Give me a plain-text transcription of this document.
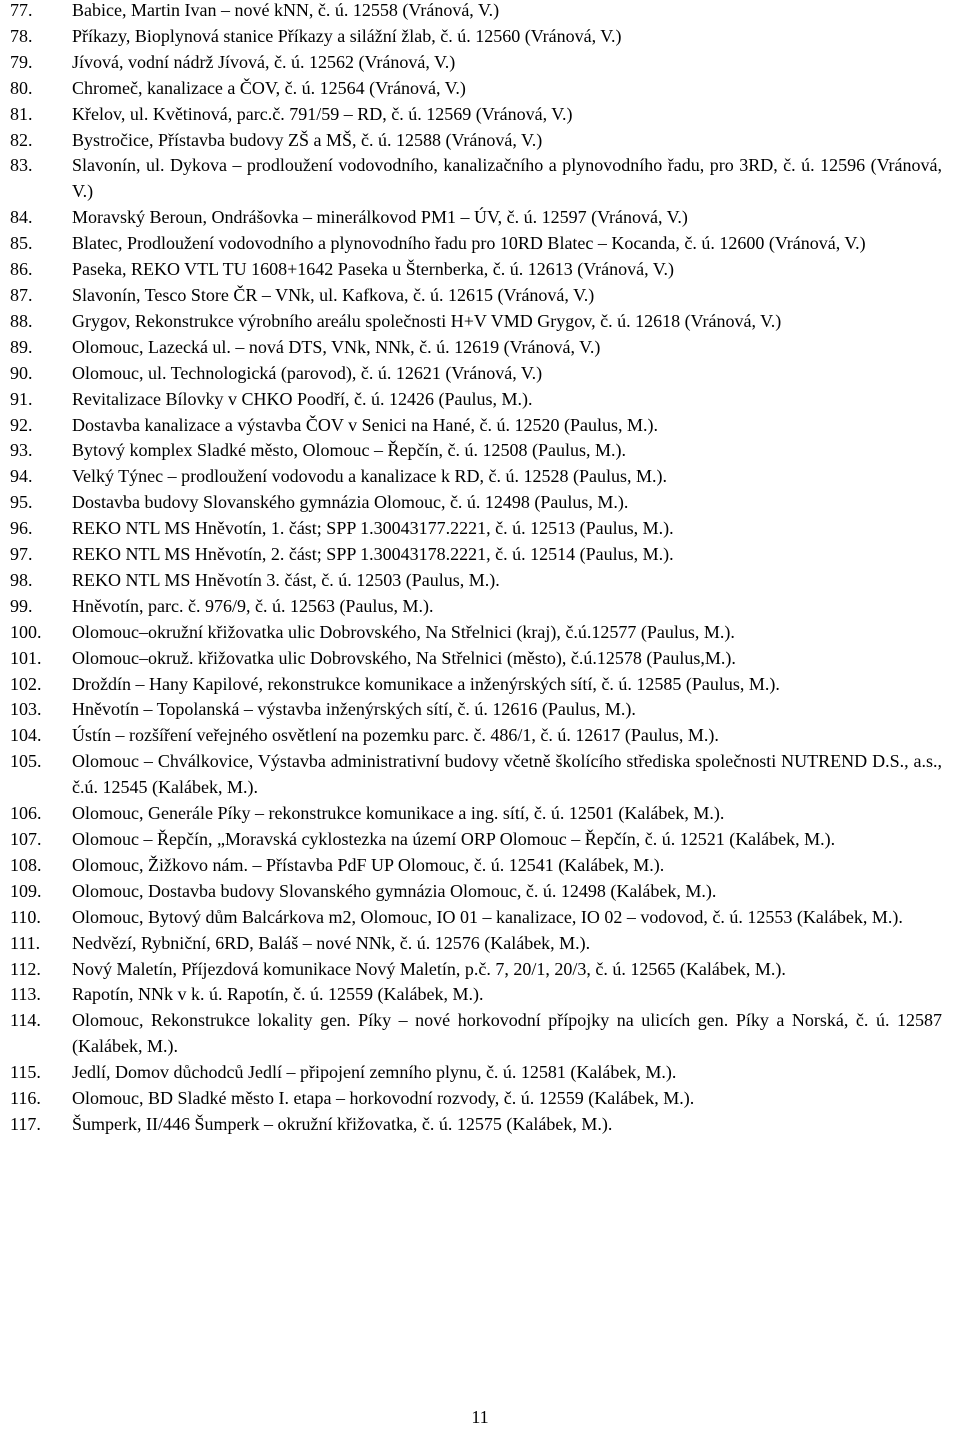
77. Babice, Martin Ivan – nové kNN, č. ú. 12558 (Vránová, V.)
78. Příkazy, Bioplynová stanice Příkazy a silážní žlab, č. ú. 12560 (Vránová, V.)
79. Jívová, vodní nádrž Jívová, č. ú. 12562 (Vránová, V.)
80. Chromeč, kanalizace a ČOV, č. ú. 12564 (Vránová, V.)
81. Křelov, ul. Květinová, parc.č. 791/59 – RD, č. ú. 12569 (Vránová, V.)
82. Bystročice, Přístavba budovy ZŠ a MŠ, č. ú. 12588 (Vránová, V.)
83. Slavonín, ul. Dykova – prodloužení vodovodního, kanalizačního a plynovodního řadu, pro 3RD, č. ú. 12596 (Vránová, V.)
84. Moravský Beroun, Ondrášovka – minerálkovod PM1 – ÚV, č. ú. 12597 (Vránová, V.)
85. Blatec, Prodloužení vodovodního a plynovodního řadu pro 10RD Blatec – Kocanda, č. ú. 12600 (Vránová, V.)
86. Paseka, REKO VTL TU 1608+1642 Paseka u Šternberka, č. ú. 12613 (Vránová, V.)
87. Slavonín, Tesco Store ČR – VNk, ul. Kafkova, č. ú. 12615 (Vránová, V.)
88. Grygov, Rekonstrukce výrobního areálu společnosti H+V VMD Grygov, č. ú. 12618 (Vránová, V.)
89. Olomouc, Lazecká ul. – nová DTS, VNk, NNk, č. ú. 12619 (Vránová, V.)
90. Olomouc, ul. Technologická (parovod), č. ú. 12621 (Vránová, V.)
91. Revitalizace Bílovky v CHKO Poodří, č. ú. 12426 (Paulus, M.).
92. Dostavba kanalizace a výstavba ČOV v Senici na Hané, č. ú. 12520 (Paulus, M.).
93. Bytový komplex Sladké město, Olomouc – Řepčín, č. ú. 12508 (Paulus, M.).
94. Velký Týnec – prodloužení vodovodu a kanalizace k RD, č. ú. 12528 (Paulus, M.).
95. Dostavba budovy Slovanského gymnázia Olomouc, č. ú. 12498 (Paulus, M.).
96. REKO NTL MS Hněvotín, 1. část; SPP 1.30043177.2221, č. ú. 12513 (Paulus, M.).
97. REKO NTL MS Hněvotín, 2. část; SPP 1.30043178.2221, č. ú. 12514 (Paulus, M.).
98. REKO NTL MS Hněvotín 3. část, č. ú. 12503 (Paulus, M.).
99. Hněvotín, parc. č. 976/9, č. ú. 12563 (Paulus, M.).
100. Olomouc–okružní křižovatka ulic Dobrovského, Na Střelnici (kraj), č.ú.12577 (Paulus, M.).
101. Olomouc–okruž. křižovatka ulic Dobrovského, Na Střelnici (město), č.ú.12578 (Paulus,M.).
102. Droždín – Hany Kapilové, rekonstrukce komunikace a inženýrských sítí, č. ú. 12585 (Paulus, M.).
103. Hněvotín – Topolanská – výstavba inženýrských sítí, č. ú. 12616 (Paulus, M.).
104. Ústín – rozšíření veřejného osvětlení na pozemku parc. č. 486/1, č. ú. 12617 (Paulus, M.).
105. Olomouc – Chválkovice, Výstavba administrativní budovy včetně školícího střediska společnosti NUTREND D.S., a.s., č.ú. 12545 (Kalábek, M.).
106. Olomouc, Generále Píky – rekonstrukce komunikace a ing. sítí, č. ú. 12501 (Kalábek, M.).
107. Olomouc – Řepčín, „Moravská cyklostezka na území ORP Olomouc – Řepčín, č. ú. 12521 (Kalábek, M.).
108. Olomouc, Žižkovo nám. – Přístavba PdF UP Olomouc, č. ú. 12541 (Kalábek, M.).
109. Olomouc, Dostavba budovy Slovanského gymnázia Olomouc, č. ú. 12498 (Kalábek, M.).
110. Olomouc, Bytový dům Balcárkova m2, Olomouc, IO 01 – kanalizace, IO 02 – vodovod, č. ú. 12553 (Kalábek, M.).
111. Nedvězí, Rybniční, 6RD, Baláš – nové NNk, č. ú. 12576 (Kalábek, M.).
112. Nový Maletín, Příjezdová komunikace Nový Maletín, p.č. 7, 20/1, 20/3, č. ú. 12565 (Kalábek, M.).
113. Rapotín, NNk v k. ú. Rapotín, č. ú. 12559 (Kalábek, M.).
114. Olomouc, Rekonstrukce lokality gen. Píky – nové horkovodní přípojky na ulicích gen. Píky a Norská, č. ú. 12587 (Kalábek, M.).
115. Jedlí, Domov důchodců Jedlí – připojení zemního plynu, č. ú. 12581 (Kalábek, M.).
116. Olomouc, BD Sladké město I. etapa – horkovodní rozvody, č. ú. 12559 (Kalábek, M.).
117. Šumperk, II/446 Šumperk – okružní křižovatka, č. ú. 12575 (Kalábek, M.).
11
